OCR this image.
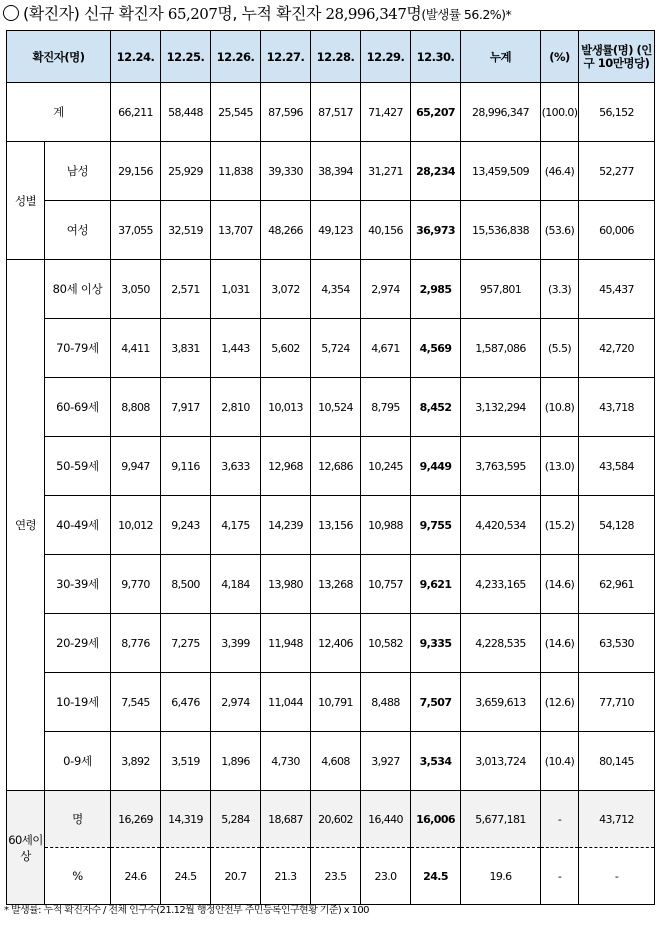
(확진자) 신규 확진자 65,207명, 누적 확진자 28,996,347명(발생률 56.2%)*
확진자(명)		12.24.	12.25.	12.26.	12.27.	12.28.	12.29.	12.30.	누계	(%)	발생률(명) (인구 10만명당)
계		66,211	58,448	25,545	87,596	87,517	71,427	65,207	28,996,347	(100.0)	56,152
성별	남성	29,156	25,929	11,838	39,330	38,394	31,271	28,234	13,459,509	(46.4)	52,277
	여성	37,055	32,519	13,707	48,266	49,123	40,156	36,973	15,536,838	(53.6)	60,006
연령	80세 이상	3,050	2,571	1,031	3,072	4,354	2,974	2,985	957,801	(3.3)	45,437
	70-79세	4,411	3,831	1,443	5,602	5,724	4,671	4,569	1,587,086	(5.5)	42,720
	60-69세	8,808	7,917	2,810	10,013	10,524	8,795	8,452	3,132,294	(10.8)	43,718
	50-59세	9,947	9,116	3,633	12,968	12,686	10,245	9,449	3,763,595	(13.0)	43,584
	40-49세	10,012	9,243	4,175	14,239	13,156	10,988	9,755	4,420,534	(15.2)	54,128
	30-39세	9,770	8,500	4,184	13,980	13,268	10,757	9,621	4,233,165	(14.6)	62,961
	20-29세	8,776	7,275	3,399	11,948	12,406	10,582	9,335	4,228,535	(14.6)	63,530
	10-19세	7,545	6,476	2,974	11,044	10,791	8,488	7,507	3,659,613	(12.6)	77,710
	0-9세	3,892	3,519	1,896	4,730	4,608	3,927	3,534	3,013,724	(10.4)	80,145
60세이상	명	16,269	14,319	5,284	18,687	20,602	16,440	16,006	5,677,181	-	43,712
	%	24.6	24.5	20.7	21.3	23.5	23.0	24.5	19.6	-	-
* 발생률: 누적 확진자수 / 전체 인구수(21.12월 행정안전부 주민등록인구현황 기준) x 100
